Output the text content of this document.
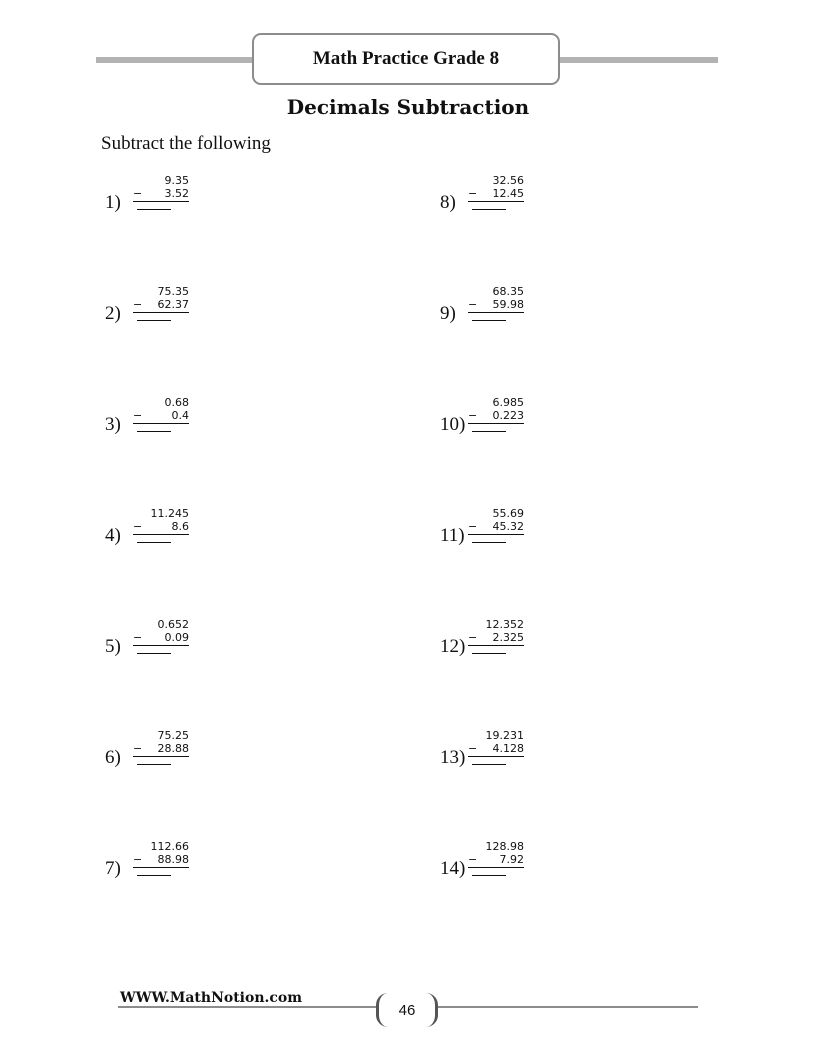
Math Practice Grade 8
Decimals Subtraction
Subtract the following
1)
9.35
− 3.52
2)
75.35
− 62.37
3)
0.68
−	0.4
4)
11.245
−	8.6
5)
0.652
− 0.09
6)
75.25
− 28.88
7)
112.66
− 88.98
8)
32.56
− 12.45
9)
68.35
− 59.98
10)
6.985
− 0.223
11)
55.69
− 45.32
12)
12.352
− 2.325
13)
19.231
− 4.128
14)
128.98
− 7.92
WWW.MathNotion.com
46
